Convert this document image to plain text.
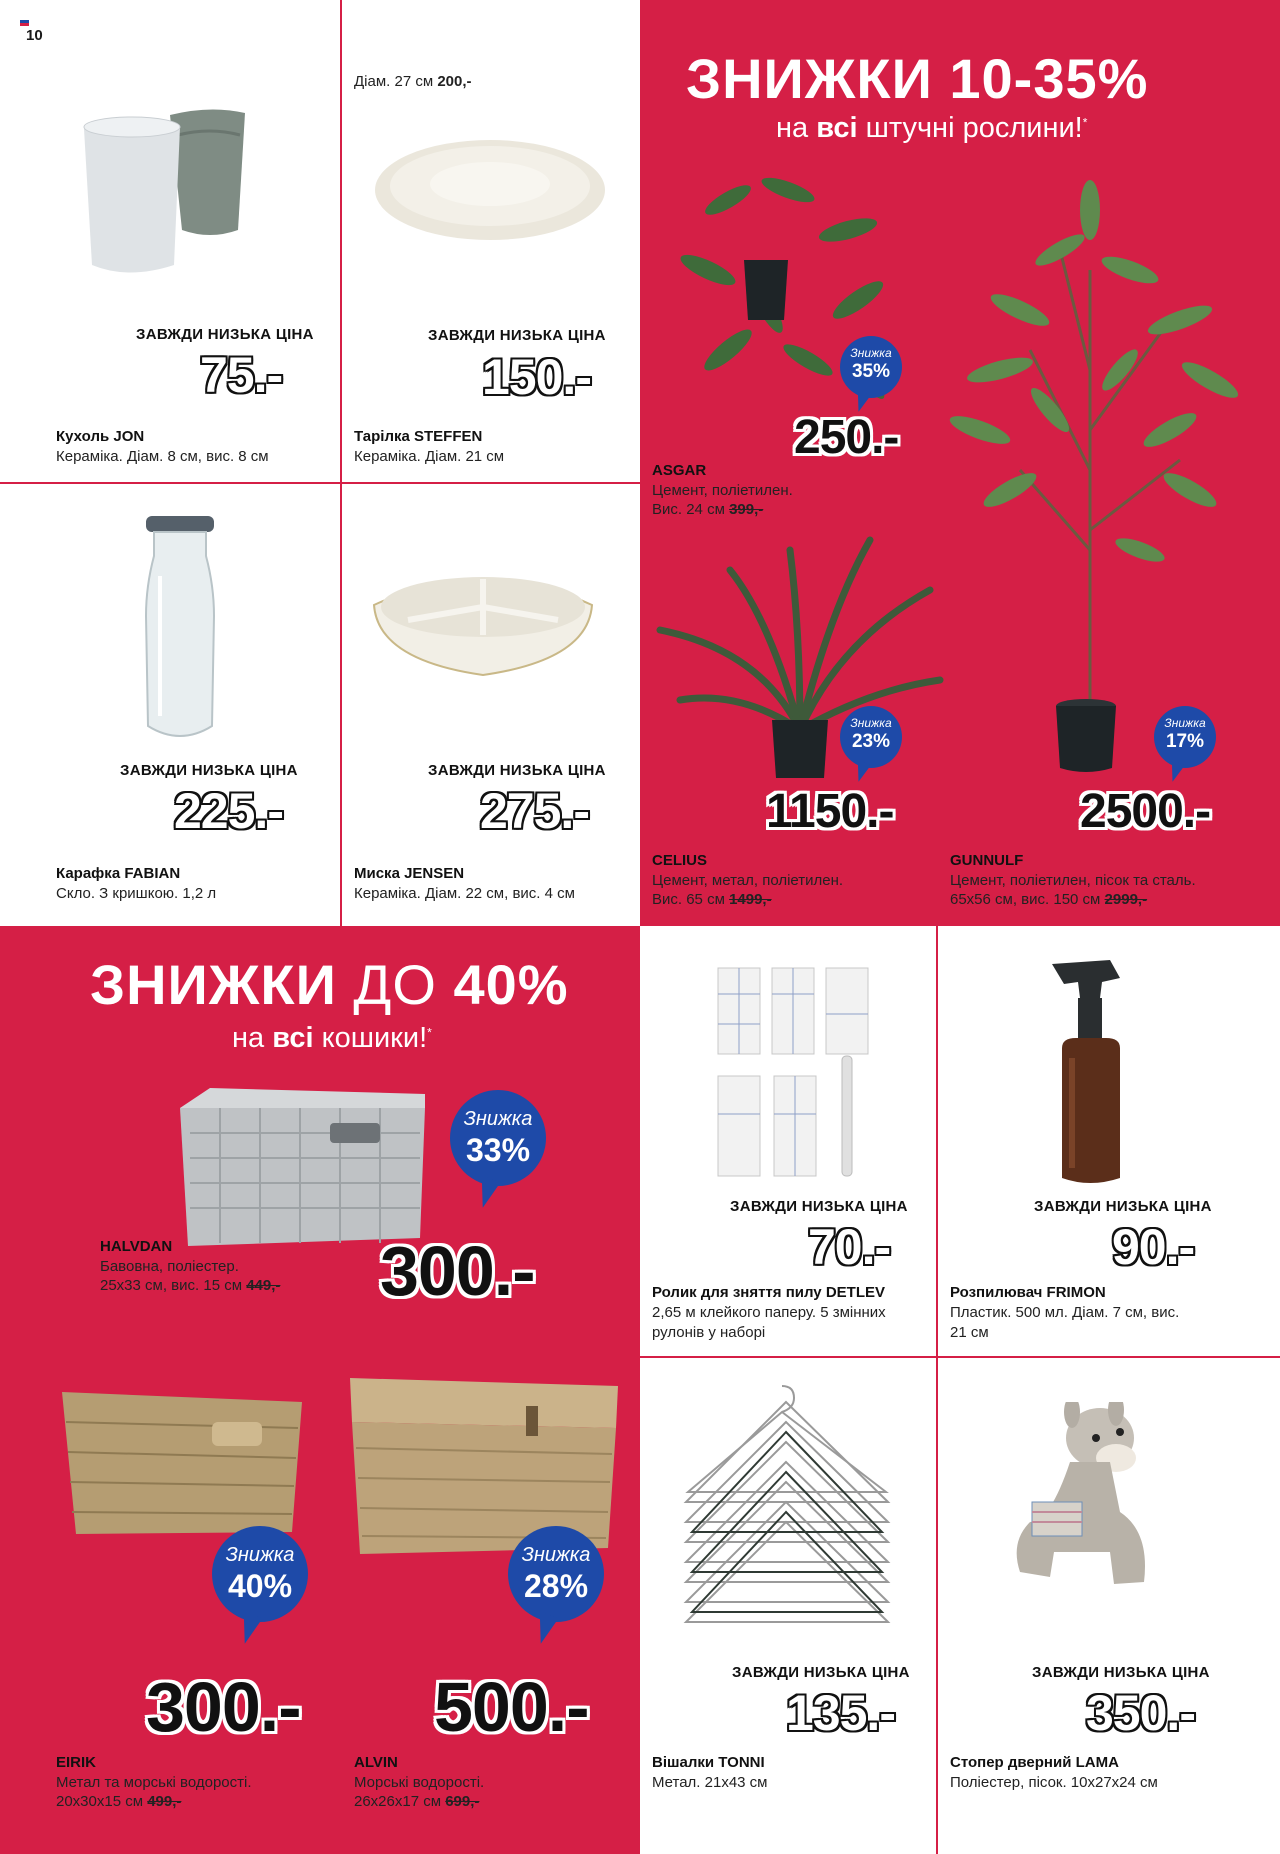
10
ЗАВЖДИ НИЗЬКА ЦІНА
75.-
Кухоль JON
Кераміка. Діам. 8 см, вис. 8 см
Діам. 27 см 200,-
ЗАВЖДИ НИЗЬКА ЦІНА
150.-
Тарілка STEFFEN
Кераміка. Діам. 21 см
ЗАВЖДИ НИЗЬКА ЦІНА
225.-
Карафка FABIAN
Скло. З кришкою. 1,2 л
ЗАВЖДИ НИЗЬКА ЦІНА
275.-
Миска JENSEN
Кераміка. Діам. 22 см, вис. 4 см
ЗНИЖКИ 10-35%
на всі штучні рослини!*
Знижка
35%
250.-
ASGAR
Цемент, поліетилен.
Вис. 24 см 399,-
Знижка
23%
Знижка
17%
1150.-	2500.-
CELIUS
Цемент, метал, поліетилен.
Вис. 65 см 1499,-
GUNNULF
Цемент, поліетилен, пісок та сталь.
65x56 см, вис. 150 см 2999,-
ЗНИЖКИ ДО 40%
на всі кошики!*
Знижка
33%
300.-
HALVDAN
Бавовна, поліестер.
25x33 см, вис. 15 см 449,-
Знижка
40%
Знижка
28%
300.- 500.-
EIRIK
Метал та морські водорості.
20x30x15 см 499,-
ALVIN
Морські водорості.
26x26x17 см 699,-
ЗАВЖДИ НИЗЬКА ЦІНА
70.-
Ролик для зняття пилу DETLEV
2,65 м клейкого паперу. 5 змінних рулонів у наборі
ЗАВЖДИ НИЗЬКА ЦІНА
90.-
Розпилювач FRIMON
Пластик. 500 мл. Діам. 7 см, вис. 21 см
ЗАВЖДИ НИЗЬКА ЦІНА
135.-
Вішалки TONNI
Метал. 21x43 см
ЗАВЖДИ НИЗЬКА ЦІНА
350.-
Стопер дверний LAMA
Поліестер, пісок. 10x27x24 см
